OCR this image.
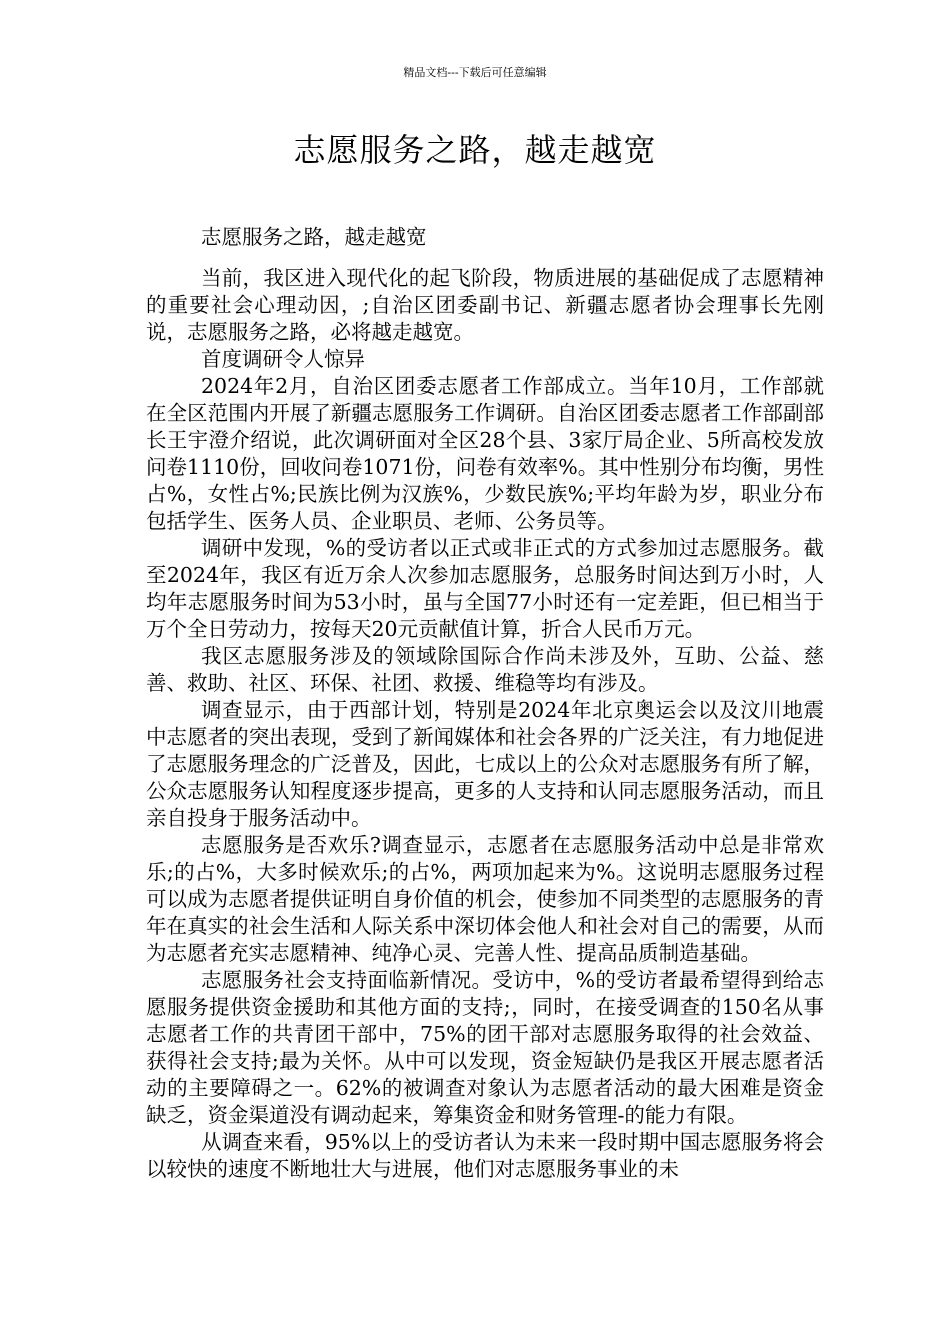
精品文档---下载后可任意编辑
志愿服务之路，越走越宽

志愿服务之路，越走越宽

当前，我区进入现代化的起飞阶段，物质进展的基础促成了志愿精神的重要社会心理动因，;自治区团委副书记、新疆志愿者协会理事长先刚说，志愿服务之路，必将越走越宽。

首度调研令人惊异

2024年2月，自治区团委志愿者工作部成立。当年10月，工作部就在全区范围内开展了新疆志愿服务工作调研。自治区团委志愿者工作部副部长王宇澄介绍说，此次调研面对全区28个县、3家厅局企业、5所高校发放问卷1110份，回收问卷1071份，问卷有效率%。其中性别分布均衡，男性占%，女性占%;民族比例为汉族%，少数民族%;平均年龄为岁，职业分布包括学生、医务人员、企业职员、老师、公务员等。

调研中发现，%的受访者以正式或非正式的方式参加过志愿服务。截至2024年，我区有近万余人次参加志愿服务，总服务时间达到万小时，人均年志愿服务时间为53小时，虽与全国77小时还有一定差距，但已相当于万个全日劳动力，按每天20元贡献值计算，折合人民币万元。

我区志愿服务涉及的领域除国际合作尚未涉及外，互助、公益、慈善、救助、社区、环保、社团、救援、维稳等均有涉及。

调查显示，由于西部计划，特别是2024年北京奥运会以及汶川地震中志愿者的突出表现，受到了新闻媒体和社会各界的广泛关注，有力地促进了志愿服务理念的广泛普及，因此，七成以上的公众对志愿服务有所了解，公众志愿服务认知程度逐步提高，更多的人支持和认同志愿服务活动，而且亲自投身于服务活动中。

志愿服务是否欢乐?调查显示，志愿者在志愿服务活动中总是非常欢乐;的占%，大多时候欢乐;的占%，两项加起来为%。这说明志愿服务过程可以成为志愿者提供证明自身价值的机会，使参加不同类型的志愿服务的青年在真实的社会生活和人际关系中深切体会他人和社会对自己的需要，从而为志愿者充实志愿精神、纯净心灵、完善人性、提高品质制造基础。

志愿服务社会支持面临新情况。受访中，%的受访者最希望得到给志愿服务提供资金援助和其他方面的支持;，同时，在接受调查的150名从事志愿者工作的共青团干部中，75%的团干部对志愿服务取得的社会效益、获得社会支持;最为关怀。从中可以发现，资金短缺仍是我区开展志愿者活动的主要障碍之一。62%的被调查对象认为志愿者活动的最大困难是资金缺乏，资金渠道没有调动起来，筹集资金和财务管理-的能力有限。

从调查来看，95%以上的受访者认为未来一段时期中国志愿服务将会以较快的速度不断地壮大与进展，他们对志愿服务事业的未
